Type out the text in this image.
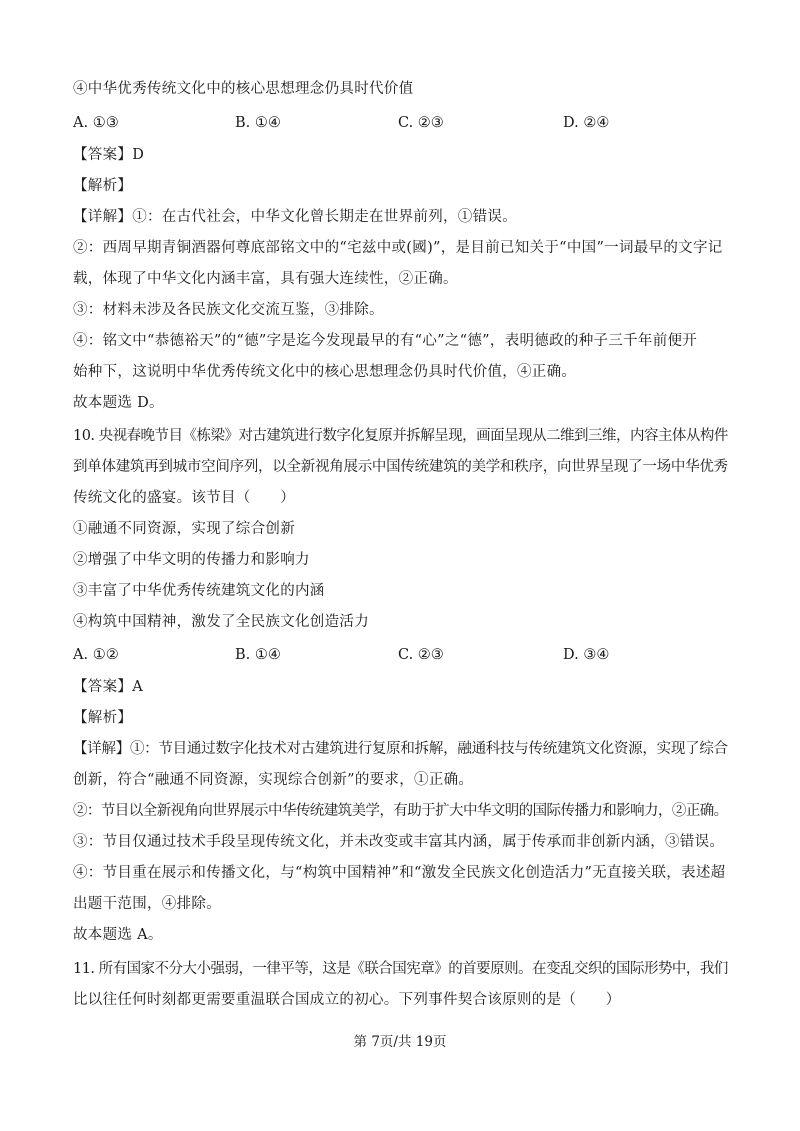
④中华优秀传统文化中的核心思想理念仍具时代价值
A. ①③	B. ①④	C. ②③	D. ②④
【答案】D
【解析】
【详解】①：在古代社会，中华文化曾长期走在世界前列，①错误。
②：西周早期青铜酒器何尊底部铭文中的“宅兹中或(國)”，是目前已知关于“中国”一词最早的文字记
载，体现了中华文化内涵丰富，具有强大连续性，②正确。
③：材料未涉及各民族文化交流互鉴，③排除。
④：铭文中“恭德裕天”的“德”字是迄今发现最早的有“心”之“德”，表明德政的种子三千年前便开
始种下，这说明中华优秀传统文化中的核心思想理念仍具时代价值，④正确。
故本题选 D。
10. 央视春晚节目《栋梁》对古建筑进行数字化复原并拆解呈现，画面呈现从二维到三维，内容主体从构件
到单体建筑再到城市空间序列，以全新视角展示中国传统建筑的美学和秩序，向世界呈现了一场中华优秀
传统文化的盛宴。该节目（　　）
①融通不同资源，实现了综合创新
②增强了中华文明的传播力和影响力
③丰富了中华优秀传统建筑文化的内涵
④构筑中国精神，激发了全民族文化创造活力
A. ①②	B. ①④	C. ②③	D. ③④
【答案】A
【解析】
【详解】①：节目通过数字化技术对古建筑进行复原和拆解，融通科技与传统建筑文化资源，实现了综合
创新，符合“融通不同资源，实现综合创新”的要求，①正确。
②：节目以全新视角向世界展示中华传统建筑美学，有助于扩大中华文明的国际传播力和影响力，②正确。
③：节目仅通过技术手段呈现传统文化，并未改变或丰富其内涵，属于传承而非创新内涵，③错误。
④：节目重在展示和传播文化，与“构筑中国精神”和“激发全民族文化创造活力”无直接关联，表述超
出题干范围，④排除。
故本题选 A。
11. 所有国家不分大小强弱，一律平等，这是《联合国宪章》的首要原则。在变乱交织的国际形势中，我们
比以往任何时刻都更需要重温联合国成立的初心。下列事件契合该原则的是（　　）
第 7页/共 19页
